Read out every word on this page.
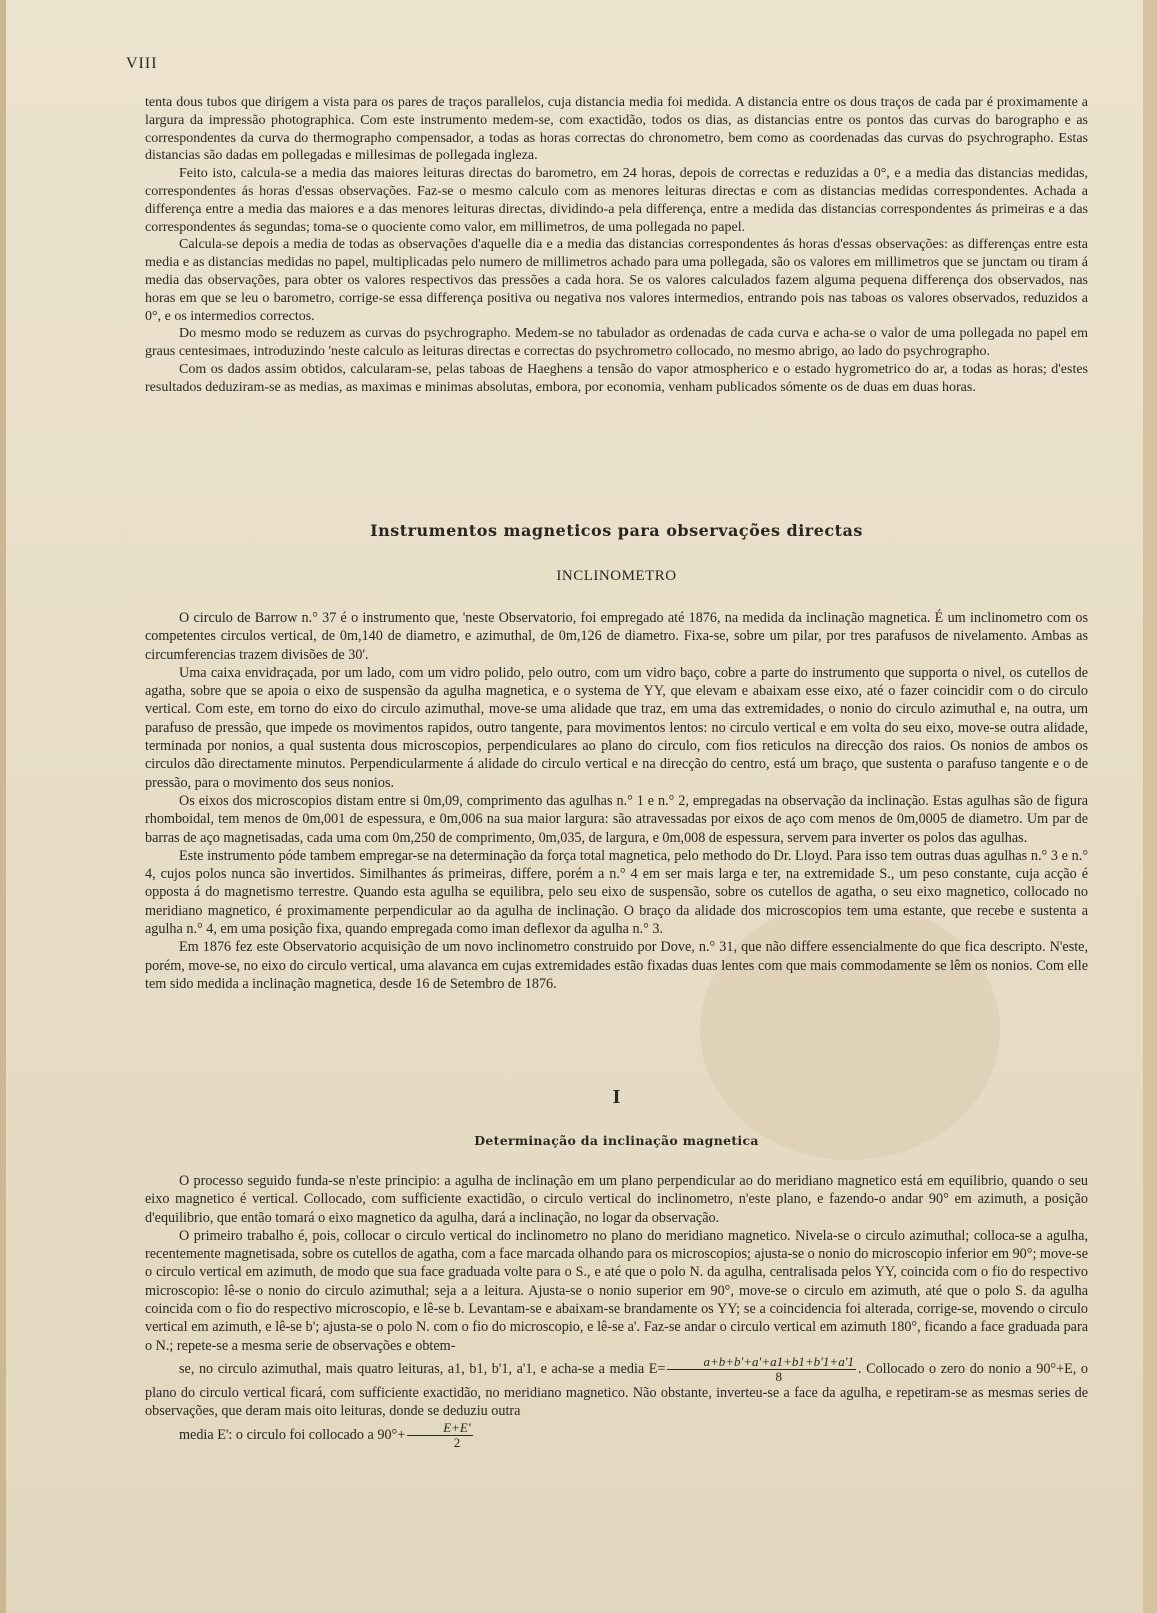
VIII

tenta dous tubos que dirigem a vista para os pares de traços parallelos, cuja distancia media foi medida. A distancia entre os dous traços de cada par é proximamente a largura da impressão photographica. Com este instrumento medem-se, com exactidão, todos os dias, as distancias entre os pontos das curvas do barographo e as correspondentes da curva do thermographo compensador, a todas as horas correctas do chronometro, bem como as coordenadas das curvas do psychrographo. Estas distancias são dadas em pollegadas e millesimas de pollegada ingleza.

Feito isto, calcula-se a media das maiores leituras directas do barometro, em 24 horas, depois de correctas e reduzidas a 0°, e a media das distancias medidas, correspondentes ás horas d'essas observações. Faz-se o mesmo calculo com as menores leituras directas e com as distancias medidas correspondentes. Achada a differença entre a media das maiores e a das menores leituras directas, dividindo-a pela differença, entre a medida das distancias correspondentes ás primeiras e a das correspondentes ás segundas; toma-se o quociente como valor, em millimetros, de uma pollegada no papel.

Calcula-se depois a media de todas as observações d'aquelle dia e a media das distancias correspondentes ás horas d'essas observações: as differenças entre esta media e as distancias medidas no papel, multiplicadas pelo numero de millimetros achado para uma pollegada, são os valores em millimetros que se junctam ou tiram á media das observações, para obter os valores respectivos das pressões a cada hora. Se os valores calculados fazem alguma pequena differença dos observados, nas horas em que se leu o barometro, corrige-se essa differença positiva ou negativa nos valores intermedios, entrando pois nas taboas os valores observados, reduzidos a 0°, e os intermedios correctos.

Do mesmo modo se reduzem as curvas do psychrographo. Medem-se no tabulador as ordenadas de cada curva e acha-se o valor de uma pollegada no papel em graus centesimaes, introduzindo 'neste calculo as leituras directas e correctas do psychrometro collocado, no mesmo abrigo, ao lado do psychrographo.

Com os dados assim obtidos, calcularam-se, pelas taboas de Haeghens a tensão do vapor atmospherico e o estado hygrometrico do ar, a todas as horas; d'estes resultados deduziram-se as medias, as maximas e minimas absolutas, embora, por economia, venham publicados sómente os de duas em duas horas.

Instrumentos magneticos para observações directas
INCLINOMETRO

O circulo de Barrow n.° 37 é o instrumento que, 'neste Observatorio, foi empregado até 1876, na medida da inclinação magnetica. É um inclinometro com os competentes circulos vertical, de 0m,140 de diametro, e azimuthal, de 0m,126 de diametro. Fixa-se, sobre um pilar, por tres parafusos de nivelamento. Ambas as circumferencias trazem divisões de 30'.

Uma caixa envidraçada, por um lado, com um vidro polido, pelo outro, com um vidro baço, cobre a parte do instrumento que supporta o nivel, os cutellos de agatha, sobre que se apoia o eixo de suspensão da agulha magnetica, e o systema de YY, que elevam e abaixam esse eixo, até o fazer coincidir com o do circulo vertical. Com este, em torno do eixo do circulo azimuthal, move-se uma alidade que traz, em uma das extremidades, o nonio do circulo azimuthal e, na outra, um parafuso de pressão, que impede os movimentos rapidos, outro tangente, para movimentos lentos: no circulo vertical e em volta do seu eixo, move-se outra alidade, terminada por nonios, a qual sustenta dous microscopios, perpendiculares ao plano do circulo, com fios reticulos na direcção dos raios. Os nonios de ambos os circulos dão directamente minutos. Perpendicularmente á alidade do circulo vertical e na direcção do centro, está um braço, que sustenta o parafuso tangente e o de pressão, para o movimento dos seus nonios.

Os eixos dos microscopios distam entre si 0m,09, comprimento das agulhas n.° 1 e n.° 2, empregadas na observação da inclinação. Estas agulhas são de figura rhomboidal, tem menos de 0m,001 de espessura, e 0m,006 na sua maior largura: são atravessadas por eixos de aço com menos de 0m,0005 de diametro. Um par de barras de aço magnetisadas, cada uma com 0m,250 de comprimento, 0m,035, de largura, e 0m,008 de espessura, servem para inverter os polos das agulhas.

Este instrumento póde tambem empregar-se na determinação da força total magnetica, pelo methodo do Dr. Lloyd. Para isso tem outras duas agulhas n.° 3 e n.° 4, cujos polos nunca são invertidos. Similhantes ás primeiras, differe, porém a n.° 4 em ser mais larga e ter, na extremidade S., um peso constante, cuja acção é opposta á do magnetismo terrestre. Quando esta agulha se equilibra, pelo seu eixo de suspensão, sobre os cutellos de agatha, o seu eixo magnetico, collocado no meridiano magnetico, é proximamente perpendicular ao da agulha de inclinação. O braço da alidade dos microscopios tem uma estante, que recebe e sustenta a agulha n.° 4, em uma posição fixa, quando empregada como iman deflexor da agulha n.° 3.

Em 1876 fez este Observatorio acquisição de um novo inclinometro construido por Dove, n.° 31, que não differe essencialmente do que fica descripto. N'este, porém, move-se, no eixo do circulo vertical, uma alavanca em cujas extremidades estão fixadas duas lentes com que mais commodamente se lêm os nonios. Com elle tem sido medida a inclinação magnetica, desde 16 de Setembro de 1876.

I
Determinação da inclinação magnetica

O processo seguido funda-se n'este principio: a agulha de inclinação em um plano perpendicular ao do meridiano magnetico está em equilibrio, quando o seu eixo magnetico é vertical. Collocado, com sufficiente exactidão, o circulo vertical do inclinometro, n'este plano, e fazendo-o andar 90° em azimuth, a posição d'equilibrio, que então tomará o eixo magnetico da agulha, dará a inclinação, no logar da observação.

O primeiro trabalho é, pois, collocar o circulo vertical do inclinometro no plano do meridiano magnetico. Nivela-se o circulo azimuthal; colloca-se a agulha, recentemente magnetisada, sobre os cutellos de agatha, com a face marcada olhando para os microscopios; ajusta-se o nonio do microscopio inferior em 90°; move-se o circulo vertical em azimuth, de modo que sua face graduada volte para o S., e até que o polo N. da agulha, centralisada pelos YY, coincida com o fio do respectivo microscopio: lê-se o nonio do circulo azimuthal; seja a a leitura. Ajusta-se o nonio superior em 90°, move-se o circulo em azimuth, até que o polo S. da agulha coincida com o fio do respectivo microscopio, e lê-se b. Levantam-se e abaixam-se brandamente os YY; se a coincidencia foi alterada, corrige-se, movendo o circulo vertical em azimuth, e lê-se b'; ajusta-se o polo N. com o fio do microscopio, e lê-se a'. Faz-se andar o circulo vertical em azimuth 180°, ficando a face graduada para o N.; repete-se a mesma serie de observações e obtem-

se, no circulo azimuthal, mais quatro leituras, a1, b1, b'1, a'1, e acha-se a media $E= \frac{a+b+b'+a'+a1+b1+b'1+a'1}{8}$ . Collocado o zero do nonio a 90°+E, o plano do circulo vertical ficará, com sufficiente exactidão, no meridiano magnetico. Não obstante, inverteu-se a face da agulha, e repetiram-se as mesmas series de observações, que deram mais oito leituras, donde se deduziu outra

media E': o circulo foi collocado a $90^\circ+ \frac{E+E'}{2}$
